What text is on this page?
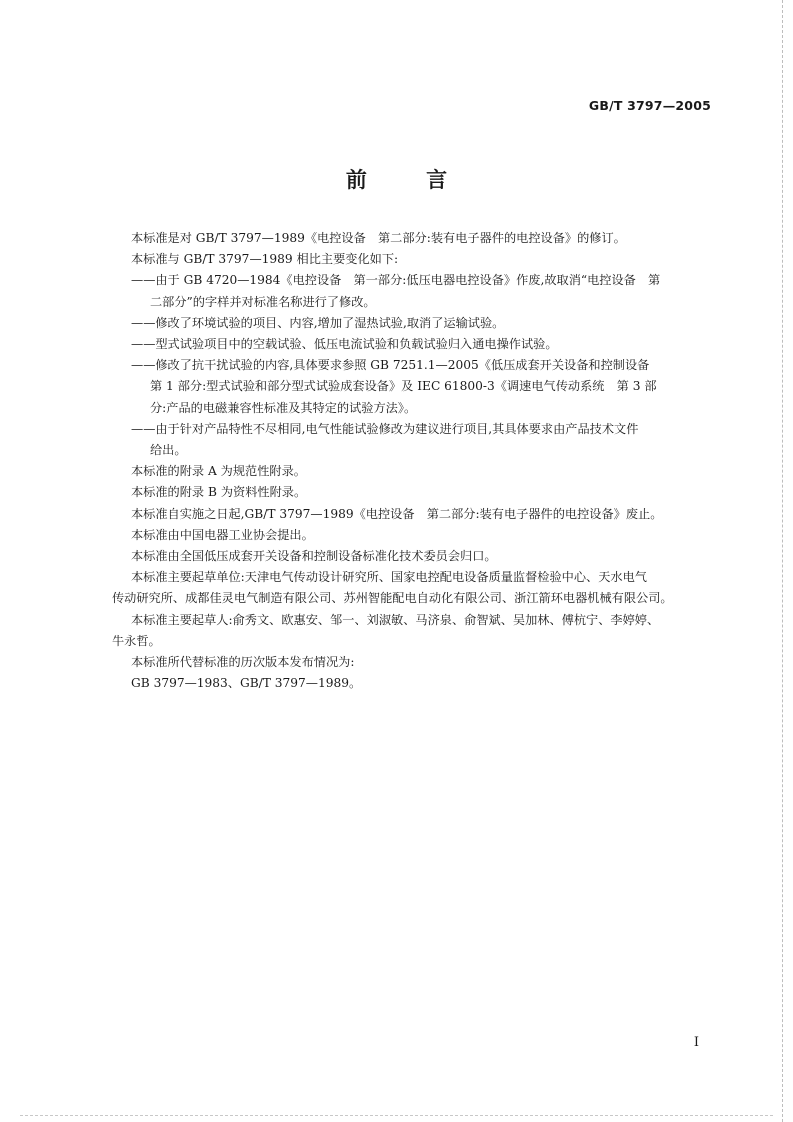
GB/T 3797—2005
前 言

本标准是对 GB/T 3797—1989《电控设备　第二部分:装有电子器件的电控设备》的修订。

本标准与 GB/T 3797—1989 相比主要变化如下:

——由于 GB 4720—1984《电控设备　第一部分:低压电器电控设备》作废,故取消“电控设备　第

二部分”的字样并对标准名称进行了修改。

——修改了环境试验的项目、内容,增加了湿热试验,取消了运输试验。

——型式试验项目中的空载试验、低压电流试验和负载试验归入通电操作试验。

——修改了抗干扰试验的内容,具体要求参照 GB 7251.1—2005《低压成套开关设备和控制设备

第 1 部分:型式试验和部分型式试验成套设备》及 IEC 61800-3《调速电气传动系统　第 3 部

分:产品的电磁兼容性标准及其特定的试验方法》。

——由于针对产品特性不尽相同,电气性能试验修改为建议进行项目,其具体要求由产品技术文件

给出。

本标准的附录 A 为规范性附录。

本标准的附录 B 为资料性附录。

本标准自实施之日起,GB/T 3797—1989《电控设备　第二部分:装有电子器件的电控设备》废止。

本标准由中国电器工业协会提出。

本标准由全国低压成套开关设备和控制设备标准化技术委员会归口。

本标准主要起草单位:天津电气传动设计研究所、国家电控配电设备质量监督检验中心、天水电气

传动研究所、成都佳灵电气制造有限公司、苏州智能配电自动化有限公司、浙江箭环电器机械有限公司。

本标准主要起草人:俞秀文、欧惠安、邹一、刘淑敏、马济泉、俞智斌、吴加林、傅杭宁、李婷婷、

牛永哲。

本标准所代替标准的历次版本发布情况为:

GB 3797—1983、GB/T 3797—1989。

I
